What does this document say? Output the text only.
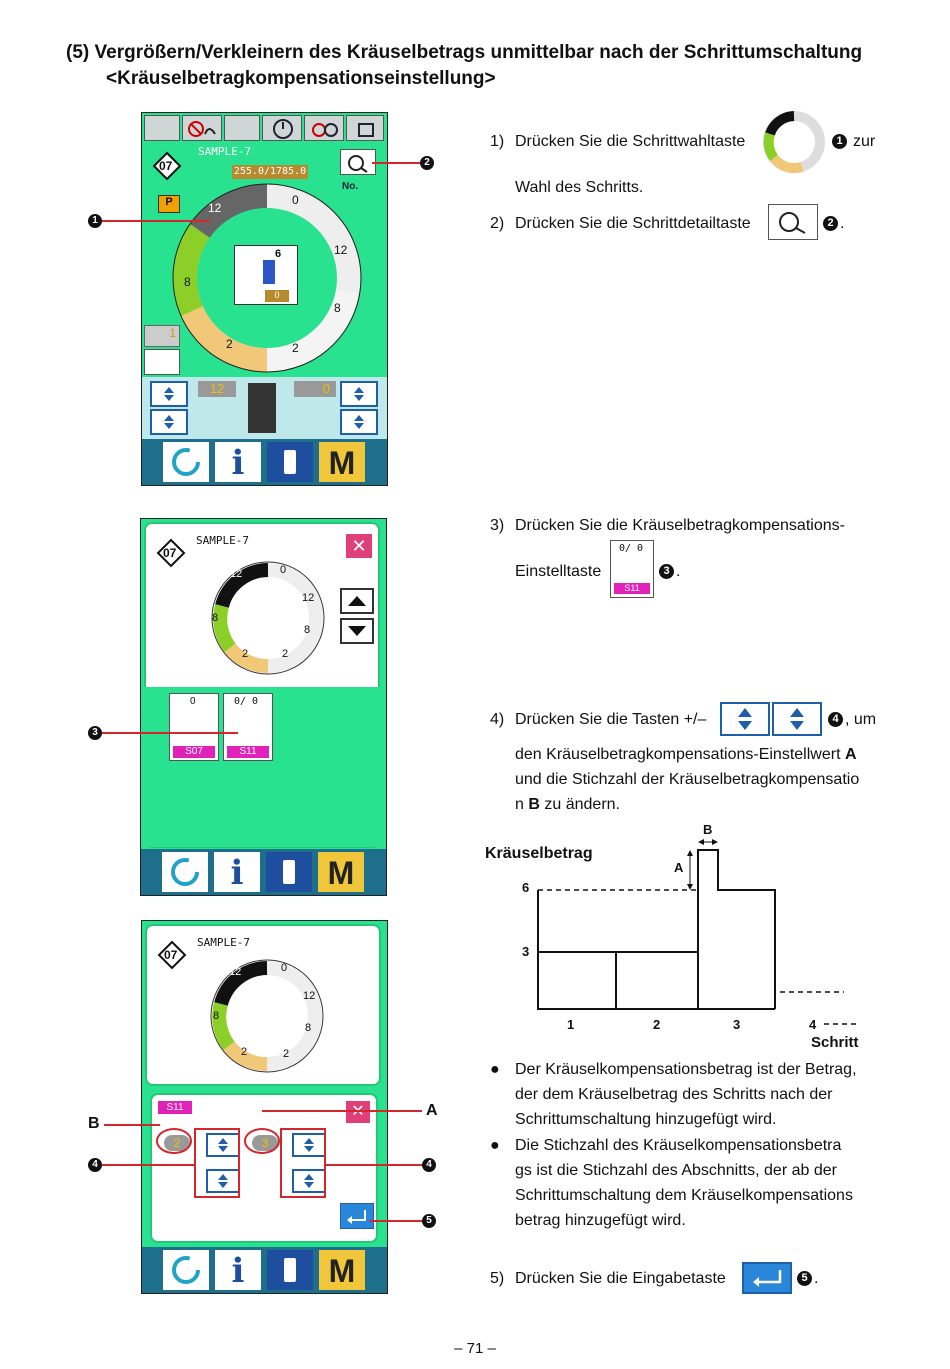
(5) Vergrößern/Verkleinern des Kräuselbetrags unmittelbar nach der Schrittumschaltung
<Kräuselbetragkompensationseinstellung>
SAMPLE-7
255.0/1785.0
07
P
No.
12
0
12
8
2
2
8
6
0
1
12	0
i	M
1
2
1) Drücken Sie die Schrittwahltaste	1 zur
Wahl des Schritts.
2) Drücken Sie die Schrittdetailtaste	2 .
SAMPLE-7
07	✕
12	0
12
8
2
2
8
0
S07
0/ 0
S11
i	M
3
3) Drücken Sie die Kräuselbetragkompensations-
Einstelltaste
0/ 0
S11
3 .
4) Drücken Sie die Tasten +/–	4 , um
den Kräuselbetragkompensations-Einstellwert A
und die Stichzahl der Kräuselbetragkompensatio
n B zu ändern.
Kräuselbetrag
Schritt
6
3
1	2	3	4
A
B
● Der Kräuselkompensationsbetrag ist der Betrag,
der dem Kräuselbetrag des Schritts nach der
Schrittumschaltung hinzugefügt wird.
● Die Stichzahl des Kräuselkompensationsbetra
gs ist die Stichzahl des Abschnitts, der ab der
Schrittumschaltung dem Kräuselkompensations
betrag hinzugefügt wird.
SAMPLE-7
07
12	0
12
8
2
2
8
S11
2	3
i	M
B
A
4	4
5
5) Drücken Sie die Eingabetaste	5 .
– 71 –
